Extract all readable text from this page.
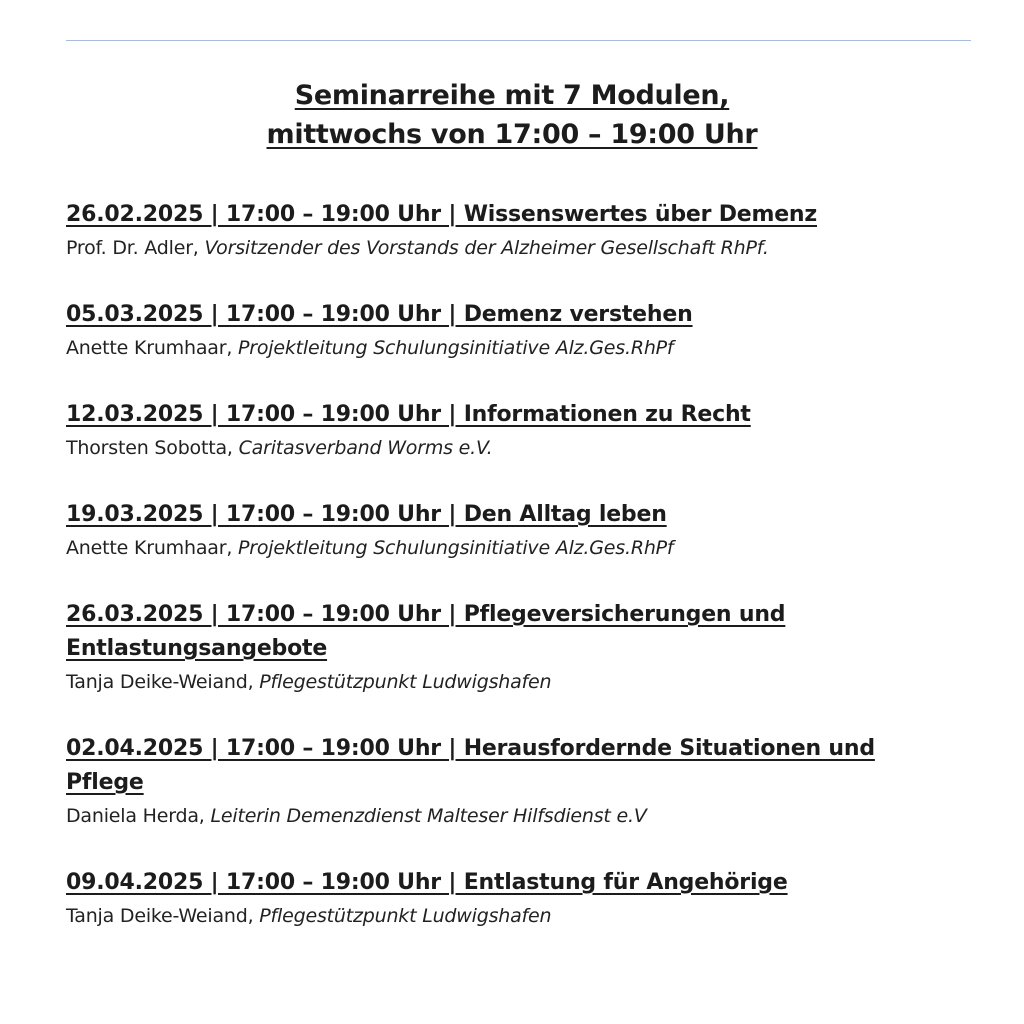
Seminarreihe mit 7 Modulen,
mittwochs von 17:00 – 19:00 Uhr
26.02.2025 | 17:00 – 19:00 Uhr | Wissenswertes über Demenz
Prof. Dr. Adler, Vorsitzender des Vorstands der Alzheimer Gesellschaft RhPf.
05.03.2025 | 17:00 – 19:00 Uhr | Demenz verstehen
Anette Krumhaar, Projektleitung Schulungsinitiative Alz.Ges.RhPf
12.03.2025 | 17:00 – 19:00 Uhr | Informationen zu Recht
Thorsten Sobotta, Caritasverband Worms e.V.
19.03.2025 | 17:00 – 19:00 Uhr | Den Alltag leben
Anette Krumhaar, Projektleitung Schulungsinitiative Alz.Ges.RhPf
26.03.2025 | 17:00 – 19:00 Uhr | Pflegeversicherungen und Entlastungsangebote
Tanja Deike-Weiand, Pflegestützpunkt Ludwigshafen
02.04.2025 | 17:00 – 19:00 Uhr | Herausfordernde Situationen und Pflege
Daniela Herda, Leiterin Demenzdienst Malteser Hilfsdienst e.V
09.04.2025 | 17:00 – 19:00 Uhr | Entlastung für Angehörige
Tanja Deike-Weiand, Pflegestützpunkt Ludwigshafen
